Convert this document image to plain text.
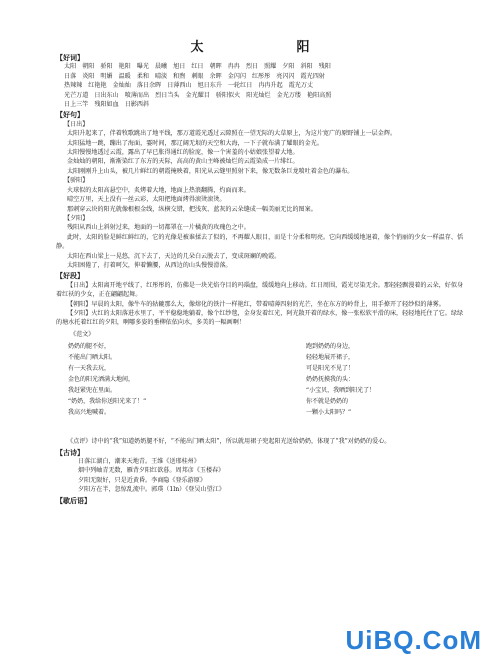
太　阳
【好词】
太阳 朝阳 骄阳 艳阳 曝光 晨曦 旭日 红日 朝晖 冉冉 烈日 照耀 夕阳 斜阳 残阳
日落 炎阳 明媚 温暖 柔和 晴淡 和煦 刺眼 余晖 金闪闪 红彤彤 亮闪闪 霞光四射
热辣辣 红艳艳 金灿灿 落日余晖 日薄西山 旭日东升 一轮红日 冉冉升起 霞光万丈
光芒万道 日出东山 喷薄而出 烈日当头 金光耀目 骄阳似火 阳光灿烂 金光万缕 艳阳高照
日上三竿 残阳如血 日影西斜
【好句】
【日出】
太阳升起来了，伴着牧歌跳出了地平线，那万道霞光透过云隙照在一望无际的大草原上，为这片宽广的原野铺上一层金辉。
太阳猛地一跳，蹦出了海面，霎时间，那辽阔无垠的天空和大海，一下子就布满了耀眼的金光。
太阳慢慢地透过云霞，露出了早已胀得通红的脸庞，像一个害羞的小姑娘张望着大地。
金灿灿的朝阳，渐渐染红了东方的天际，高高的黄山主峰被灿烂的云霞染成一片绯红。
太阳刚刚升上山头，被几片鲜红的朝霞掩映着，阳光从云缝里照射下来，像无数条巨龙喷吐着金色的瀑布。
【骄阳】
火球似的太阳高悬空中，炙烤着大地，地面上热浪翻腾，灼面而来。
晴空万里，天上没有一丝云彩，太阳把地面烤得滚烫滚烫。
那刺穿云块的阳光就像根根金线，纵横交错，把浅灰、蓝灰的云朵缝成一幅美丽无比的图案。
【夕阳】
残阳从西山上斜射过来，地面的一切都罩在一片橘黄的玫瑰色之中。
此时，太阳的脸是鲜红鲜红的，它的光像是被谁揉去了似的，不再耀人眼目，而是十分柔和明亮。它向西缓缓地退着，像个俏丽的少女一样温存、恬静。
太阳在西山梁上一晃悠，沉下去了，天边的几朵白云脱去了，变成斑斓的晚霞。
太阳困倦了，打着呵欠，伸着懒腰，从西边的山头慢慢滑落。
【好段】
【日出】太阳离开地平线了，红彤彤的，仿佛是一块光焰夺目的玛瑙盘，缓缓地向上移动。红日周围，霞光尽染无余。那轻轻飘漫着的云朵，好似身着红袄的少女，正在翩翩起舞。
【朝阳】早晨的太阳，像牛车的轱辘那么大，像熔化的铁汁一样艳红，带着晴薄四射的光芒，坐在东方的岭背上，用手撩开了轻纱似的薄雾。
【夕阳】火红的太阳落进水里了，平平稳稳地躺着，像个红纱毯，金身发着红光，阿光散开着的绿水，像一张松软平滑的床，轻轻地托住了它。绿绿的塘水托着红红的夕阳，啊哪多姿的垂柳依依向水，多美的一幅画啊！
《范文》
奶奶的腿不好，
不能出门晒太阳。
有一天我去玩，
金色的阳光洒满大地间，
我赶紧兜在里面。
“奶奶，我给你送阳光来了！”
我高兴地喊着。
跑到奶奶的身边，
轻轻地展开裙子，
可是阳光不见了！
奶奶抚摸我的头：
“小宝贝，我晒到阳光了！
你不就是奶奶的
一颗小太阳吗？”
《点评》诗中的“我”知道奶奶腿不好，“不能出门晒太阳”，所以就用裙子兜起阳光送给奶奶，体现了“我”对奶奶的爱心。
【古诗】
日落江湖白，潮来天地青。王维《送邢桂州》
烟中列岫青无数，雁背夕阳红欲暮。周邦彦《玉楼春》
夕阳无限好，只是近黄昏。李商隐《登乐游原》
夕阳方在半，忽惊乱流中。郭璞（1ln）《登吴山望江》
【歇后语】
UiBQ.CoM
